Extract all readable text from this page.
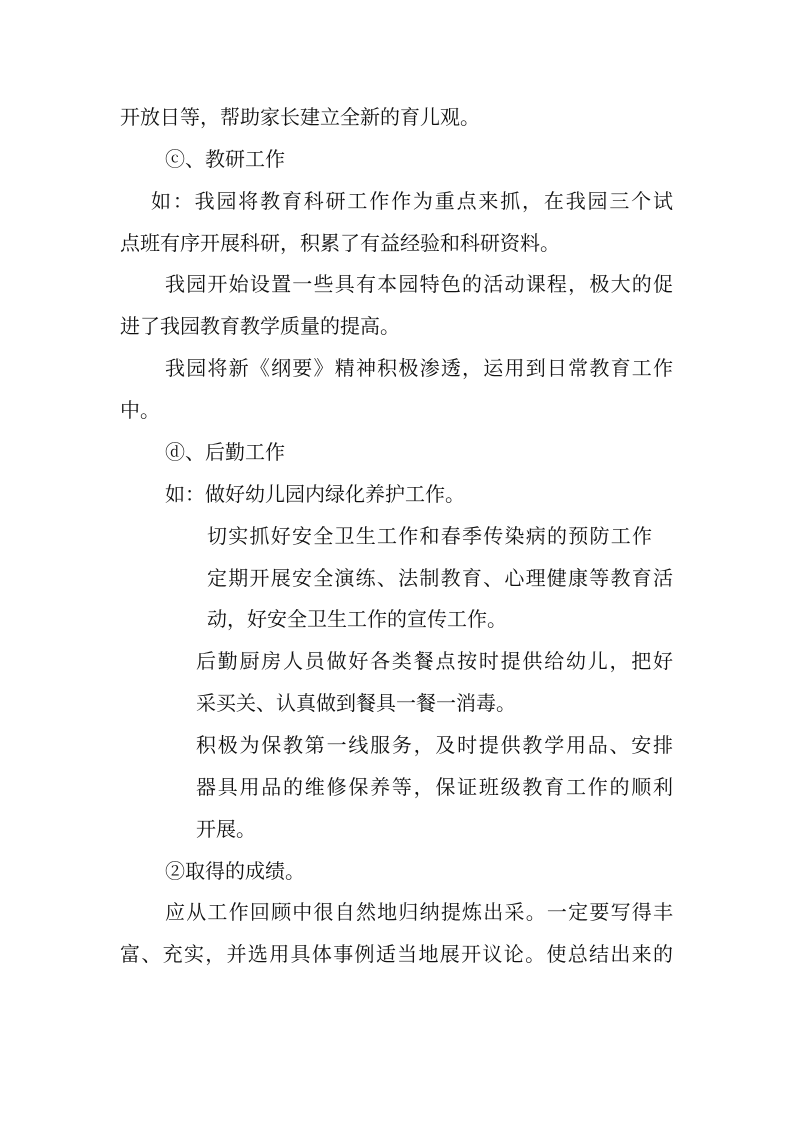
开放日等，帮助家长建立全新的育儿观。
ⓒ、教研工作
如：我园将教育科研工作作为重点来抓，在我园三个试
点班有序开展科研，积累了有益经验和科研资料。
我园开始设置一些具有本园特色的活动课程，极大的促
进了我园教育教学质量的提高。
我园将新《纲要》精神积极渗透，运用到日常教育工作
中。
ⓓ、后勤工作
如：做好幼儿园内绿化养护工作。
切实抓好安全卫生工作和春季传染病的预防工作
定期开展安全演练、法制教育、心理健康等教育活
动，好安全卫生工作的宣传工作。
后勤厨房人员做好各类餐点按时提供给幼儿，把好
采买关、认真做到餐具一餐一消毒。
积极为保教第一线服务，及时提供教学用品、安排
器具用品的维修保养等，保证班级教育工作的顺利
开展。
②取得的成绩。
应从工作回顾中很自然地归纳提炼出采。一定要写得丰
富、充实，并选用具体事例适当地展开议论。使总结出来的
